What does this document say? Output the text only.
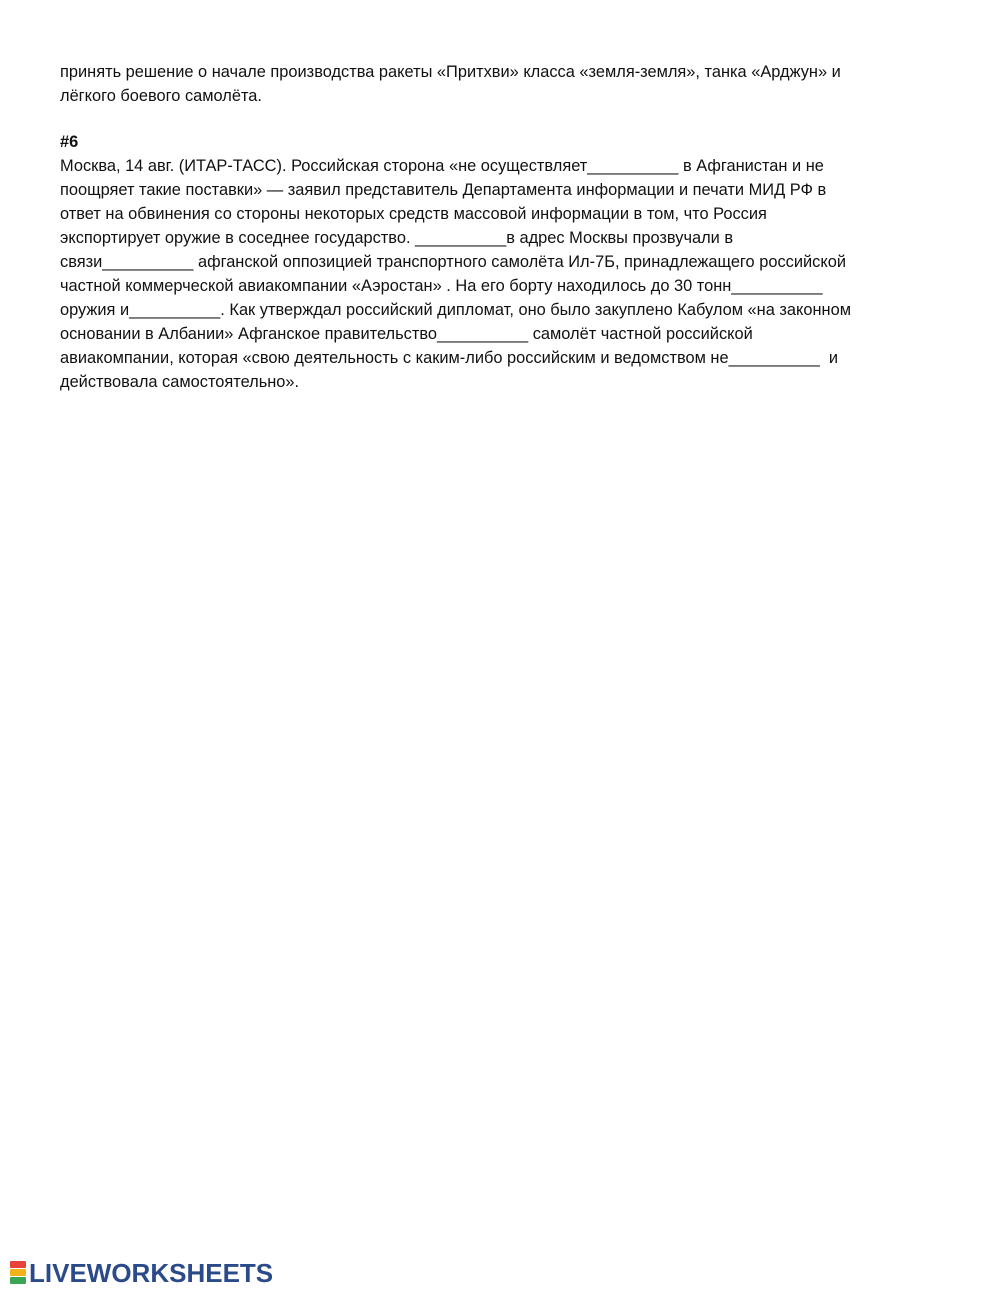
принять решение о начале производства ракеты «Притхви» класса «земля-земля», танка «Арджун» и
лёгкого боевого самолёта.
#6
Москва, 14 авг. (ИТАР-ТАСС). Российская сторона «не осуществляет__________ в Афганистан и не
поощряет такие поставки» — заявил представитель Департамента информации и печати МИД РФ в
ответ на обвинения со стороны некоторых средств массовой информации в том, что Россия
экспортирует оружие в соседнее государство. __________в адрес Москвы прозвучали в
связи__________ афганской оппозицией транспортного самолёта Ил-7Б, принадлежащего российской
частной коммерческой авиакомпании «Аэростан» . На его борту находилось до 30 тонн__________
оружия и__________. Как утверждал российский дипломат, оно было закуплено Кабулом «на законном
основании в Албании» Афганское правительство__________ самолёт частной российской
авиакомпании, которая «свою деятельность с каким-либо российским и ведомством не__________  и
действовала самостоятельно».
LIVEWORKSHEETS
